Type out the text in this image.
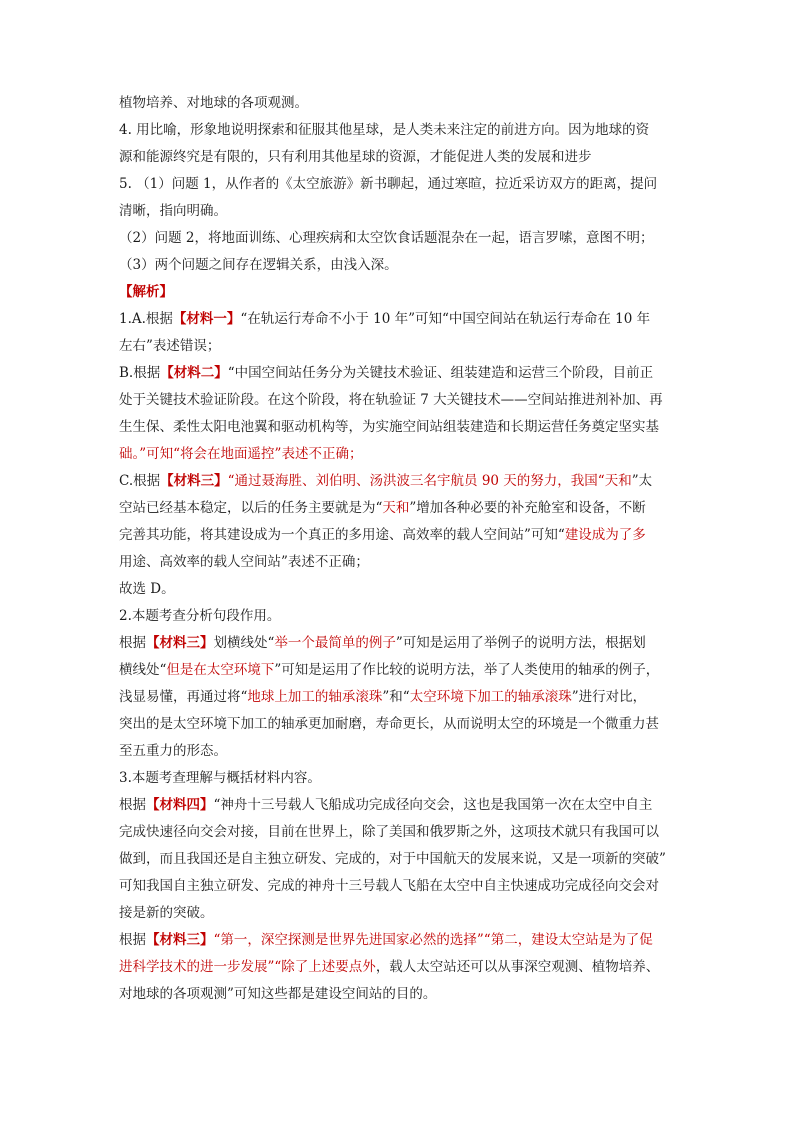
植物培养、对地球的各项观测。
4. 用比喻，形象地说明探索和征服其他星球，是人类未来注定的前进方向。因为地球的资
源和能源终究是有限的，只有利用其他星球的资源，才能促进人类的发展和进步
5. （1）问题 1，从作者的《太空旅游》新书聊起，通过寒暄，拉近采访双方的距离，提问
清晰，指向明确。
（2）问题 2，将地面训练、心理疾病和太空饮食话题混杂在一起，语言罗嗦，意图不明；
（3）两个问题之间存在逻辑关系，由浅入深。
【解析】
1.A.根据【材料一】“在轨运行寿命不小于 10 年”可知“中国空间站在轨运行寿命在 10 年
左右”表述错误；
B.根据【材料二】“中国空间站任务分为关键技术验证、组装建造和运营三个阶段，目前正
处于关键技术验证阶段。在这个阶段，将在轨验证 7 大关键技术——空间站推进剂补加、再
生生保、柔性太阳电池翼和驱动机构等，为实施空间站组装建造和长期运营任务奠定坚实基
础。”可知“将会在地面遥控”表述不正确；
C.根据【材料三】“通过聂海胜、刘伯明、汤洪波三名宇航员 90 天的努力，我国“天和”太
空站已经基本稳定，以后的任务主要就是为“天和”增加各种必要的补充舱室和设备，不断
完善其功能，将其建设成为一个真正的多用途、高效率的载人空间站”可知“建设成为了多
用途、高效率的载人空间站”表述不正确；
故选 D。
2.本题考查分析句段作用。
根据【材料三】划横线处“举一个最简单的例子”可知是运用了举例子的说明方法，根据划
横线处“但是在太空环境下”可知是运用了作比较的说明方法，举了人类使用的轴承的例子，
浅显易懂，再通过将“地球上加工的轴承滚珠”和“太空环境下加工的轴承滚珠”进行对比，
突出的是太空环境下加工的轴承更加耐磨，寿命更长，从而说明太空的环境是一个微重力甚
至五重力的形态。
3.本题考查理解与概括材料内容。
根据【材料四】“神舟十三号载人飞船成功完成径向交会，这也是我国第一次在太空中自主
完成快速径向交会对接，目前在世界上，除了美国和俄罗斯之外，这项技术就只有我国可以
做到，而且我国还是自主独立研发、完成的，对于中国航天的发展来说，又是一项新的突破”
可知我国自主独立研发、完成的神舟十三号载人飞船在太空中自主快速成功完成径向交会对
接是新的突破。
根据【材料三】“第一，深空探测是世界先进国家必然的选择”“第二，建设太空站是为了促
进科学技术的进一步发展”“除了上述要点外，载人太空站还可以从事深空观测、植物培养、
对地球的各项观测”可知这些都是建设空间站的目的。
